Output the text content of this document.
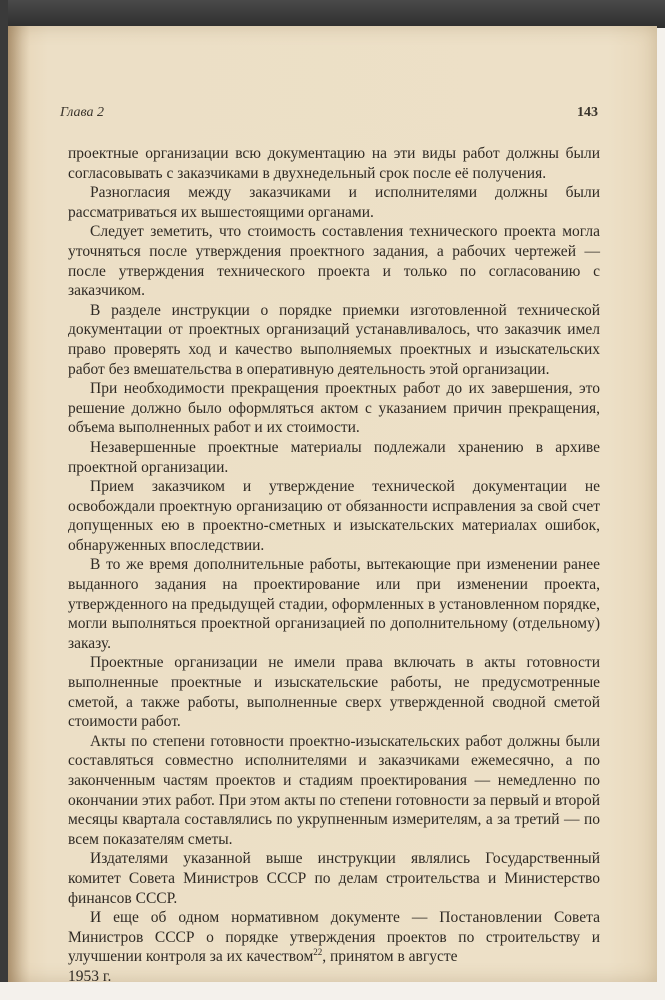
Глава 2	143

проектные организации всю документацию на эти виды работ должны были согласовывать с заказчиками в двухнедельный срок после её получения.

Разногласия между заказчиками и исполнителями должны были рассматриваться их вышестоящими органами.

Следует земетить, что стоимость составления технического проекта могла уточняться после утверждения проектного задания, а рабочих чертежей — после утверждения технического проекта и только по согласованию с заказчиком.

В разделе инструкции о порядке приемки изготовленной технической документации от проектных организаций устанавливалось, что заказчик имел право проверять ход и качество выполняемых проектных и изыскательских работ без вмешательства в оперативную деятельность этой организации.

При необходимости прекращения проектных работ до их завершения, это решение должно было оформляться актом с указанием причин прекращения, объема выполненных работ и их стоимости.

Незавершенные проектные материалы подлежали хранению в архиве проектной организации.

Прием заказчиком и утверждение технической документации не освобождали проектную организацию от обязанности исправления за свой счет допущенных ею в проектно-сметных и изыскательских материалах ошибок, обнаруженных впоследствии.

В то же время дополнительные работы, вытекающие при изменении ранее выданного задания на проектирование или при изменении проекта, утвержденного на предыдущей стадии, оформленных в установленном порядке, могли выполняться проектной организацией по дополнительному (отдельному) заказу.

Проектные организации не имели права включать в акты готовности выполненные проектные и изыскательские работы, не предусмотренные сметой, а также работы, выполненные сверх утвержденной сводной сметой стоимости работ.

Акты по степени готовности проектно-изыскательских работ должны были составляться совместно исполнителями и заказчиками ежемесячно, а по законченным частям проектов и стадиям проектирования — немедленно по окончании этих работ. При этом акты по степени готовности за первый и второй месяцы квартала составлялись по укрупненным измерителям, а за третий — по всем показателям сметы.

Издателями указанной выше инструкции являлись Государственный комитет Совета Министров СССР по делам строительства и Министерство финансов СССР.

И еще об одном нормативном документе — Постановлении Совета Министров СССР о порядке утверждения проектов по строительству и улучшении контроля за их качеством$^{22}$, принятом в августе
1953 г.
